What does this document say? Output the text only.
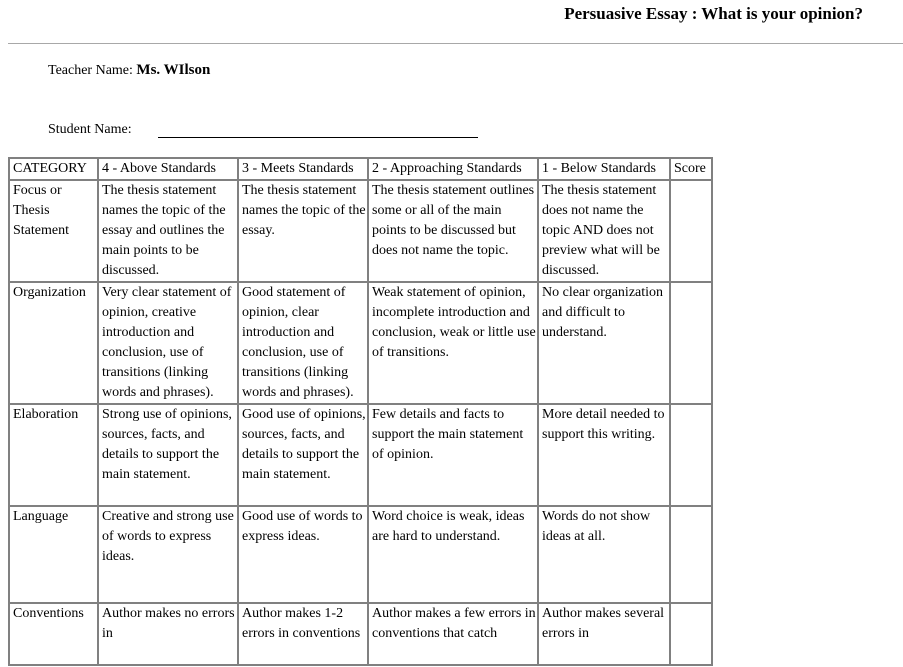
Persuasive Essay : What is your opinion?
Teacher Name: Ms. WIlson
Student Name:
CATEGORY	4 - Above Standards	3 - Meets Standards	2 - Approaching Standards	1 - Below Standards	Score
Focus or Thesis Statement	The thesis statement names the topic of the essay and outlines the main points to be discussed.	The thesis statement names the topic of the essay.	The thesis statement outlines some or all of the main points to be discussed but does not name the topic.	The thesis statement does not name the topic AND does not preview what will be discussed.	
Organization	Very clear statement of opinion, creative introduction and conclusion, use of transitions (linking words and phrases).	Good statement of opinion, clear introduction and conclusion, use of transitions (linking words and phrases).	Weak statement of opinion, incomplete introduction and conclusion, weak or little use of transitions.	No clear organization and difficult to understand.	
Elaboration	Strong use of opinions, sources, facts, and details to support the main statement.	Good use of opinions, sources, facts, and details to support the main statement.	Few details and facts to support the main statement of opinion.	More detail needed to support this writing.	
Language	Creative and strong use of words to express ideas.	Good use of words to express ideas.	Word choice is weak, ideas are hard to understand.	Words do not show ideas at all.	
Conventions	Author makes no errors in	Author makes 1-2 errors in conventions	Author makes a few errors in conventions that catch	Author makes several errors in	
